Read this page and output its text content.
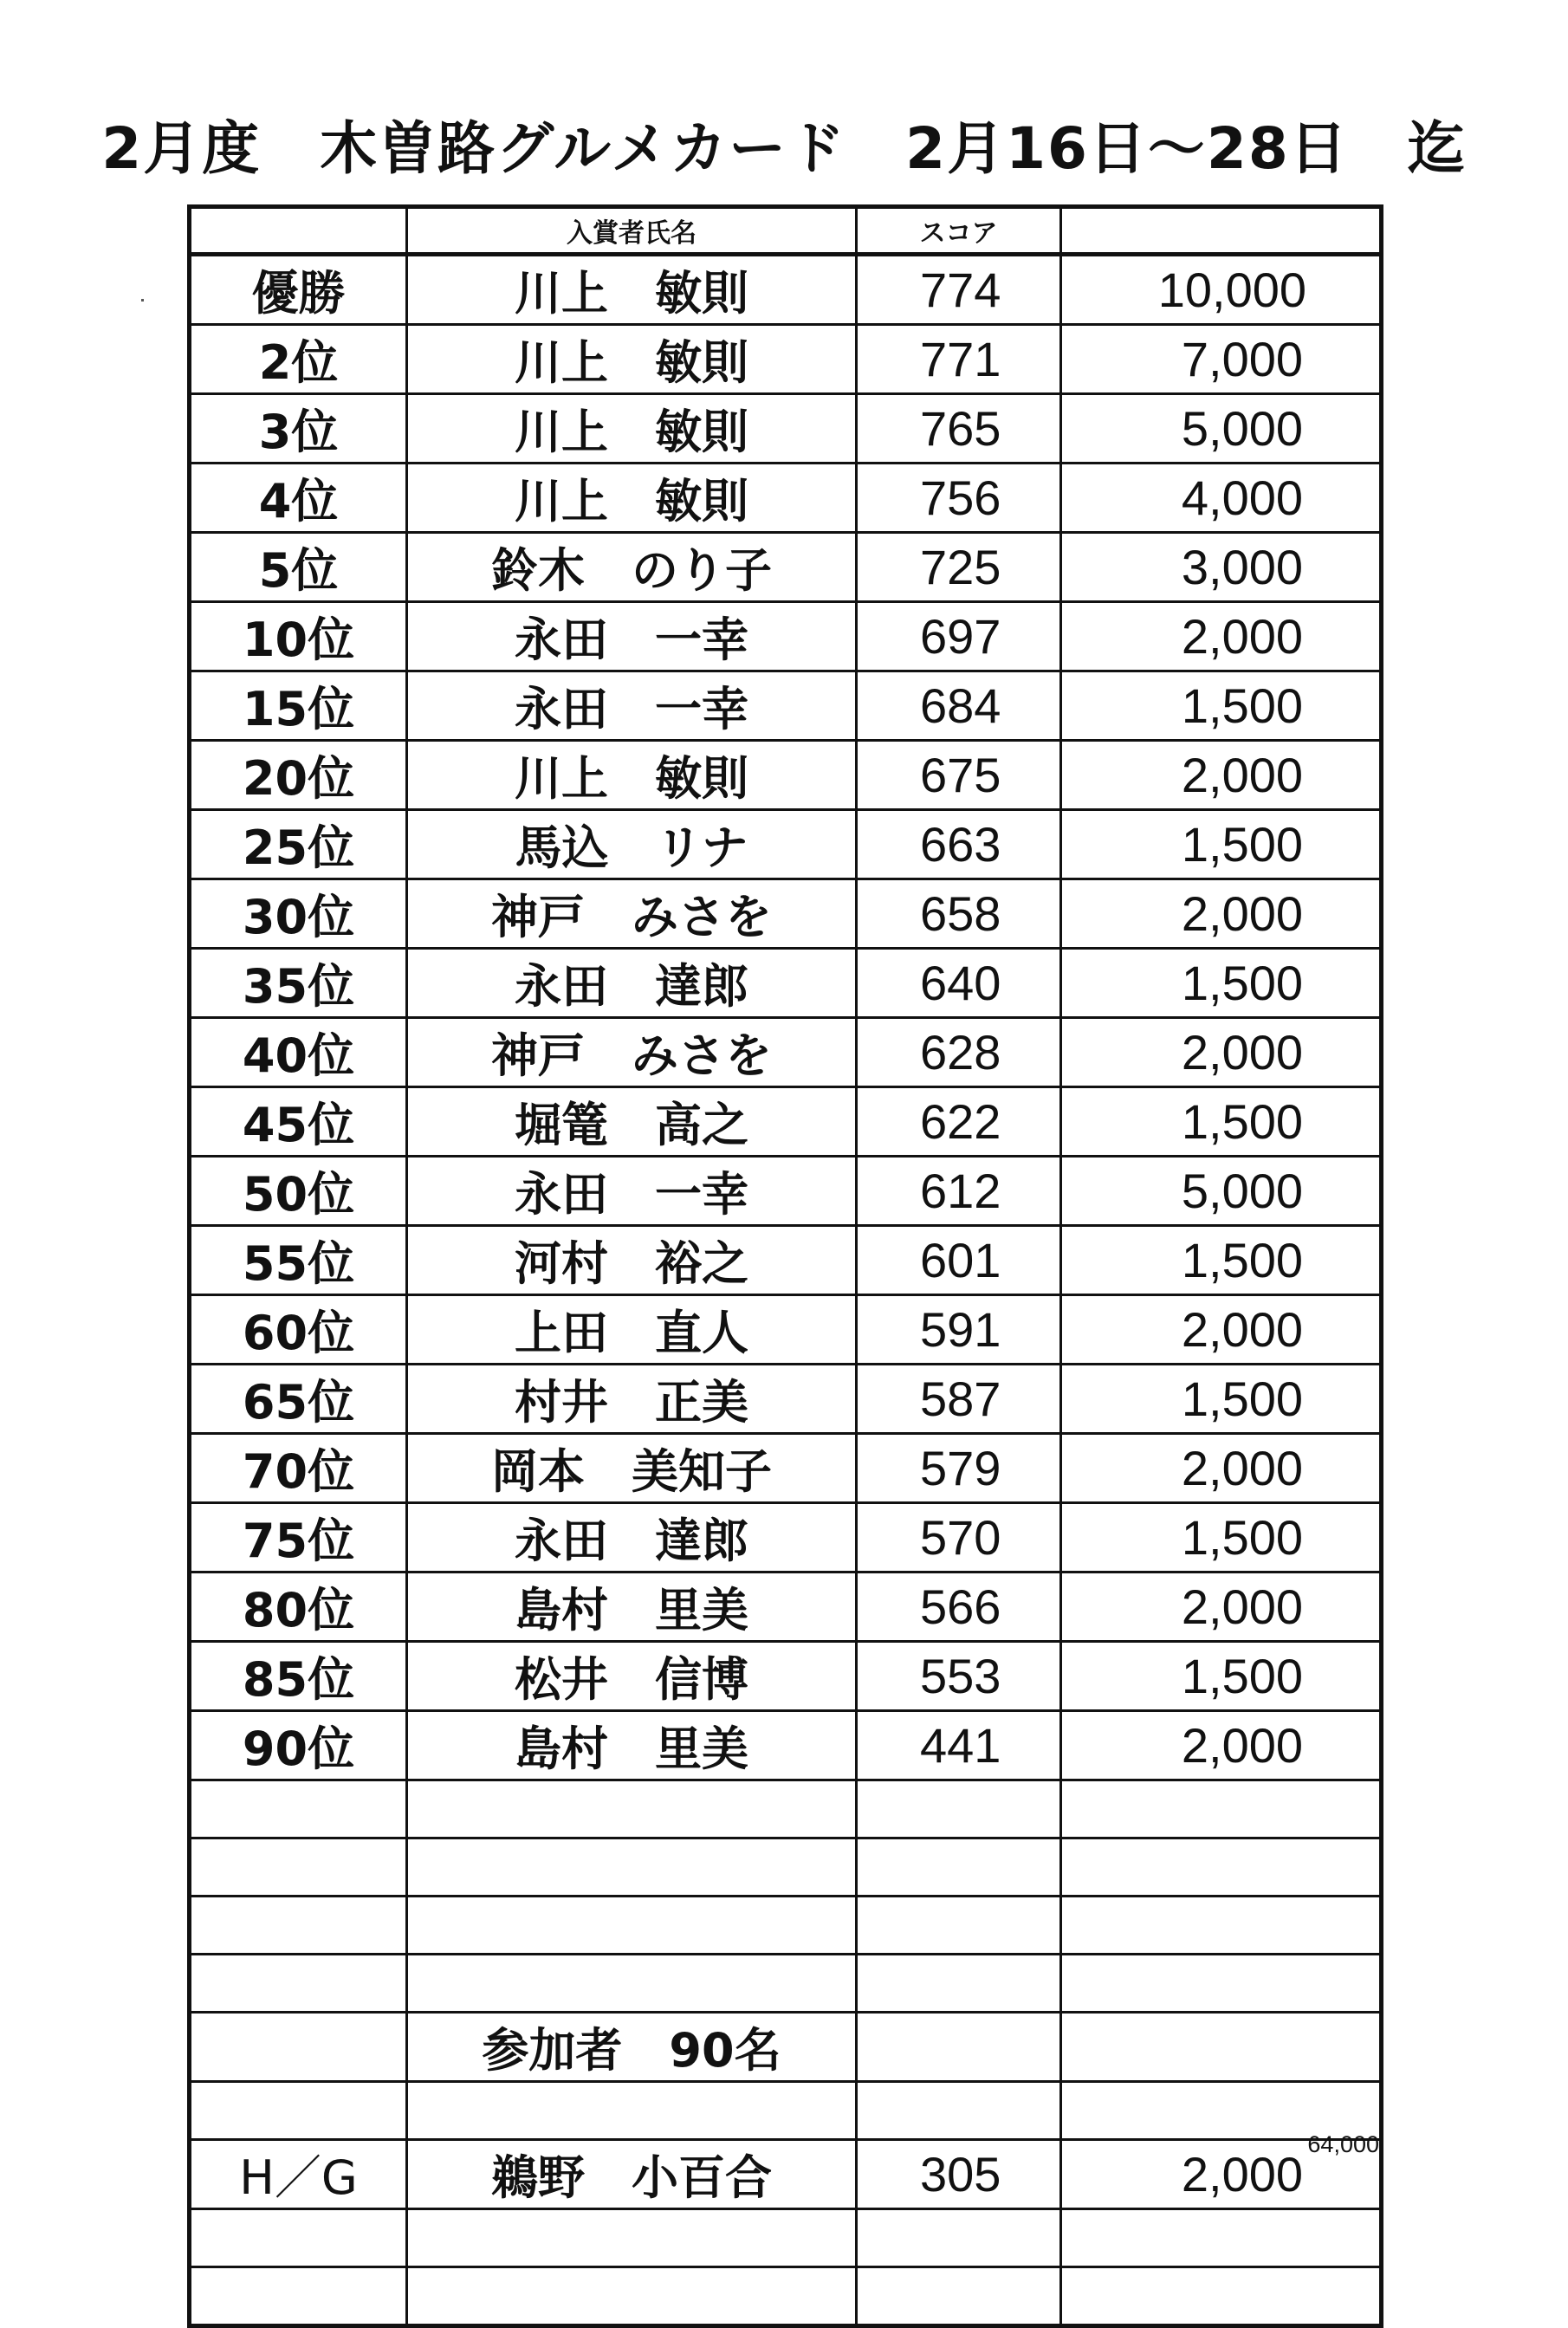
2月度　木曽路グルメカード　2月16日～28日　迄
	入賞者氏名	スコア	
優勝	川上　敏則	774	10,000
2位	川上　敏則	771	7,000
3位	川上　敏則	765	5,000
4位	川上　敏則	756	4,000
5位	鈴木　のり子	725	3,000
10位	永田　一幸	697	2,000
15位	永田　一幸	684	1,500
20位	川上　敏則	675	2,000
25位	馬込　リナ	663	1,500
30位	神戸　みさを	658	2,000
35位	永田　達郎	640	1,500
40位	神戸　みさを	628	2,000
45位	堀篭　高之	622	1,500
50位	永田　一幸	612	5,000
55位	河村　裕之	601	1,500
60位	上田　直人	591	2,000
65位	村井　正美	587	1,500
70位	岡本　美知子	579	2,000
75位	永田　達郎	570	1,500
80位	島村　里美	566	2,000
85位	松井　信博	553	1,500
90位	島村　里美	441	2,000

	参加者　90名		

H／G	鵜野　小百合	305	2,000

64,000
